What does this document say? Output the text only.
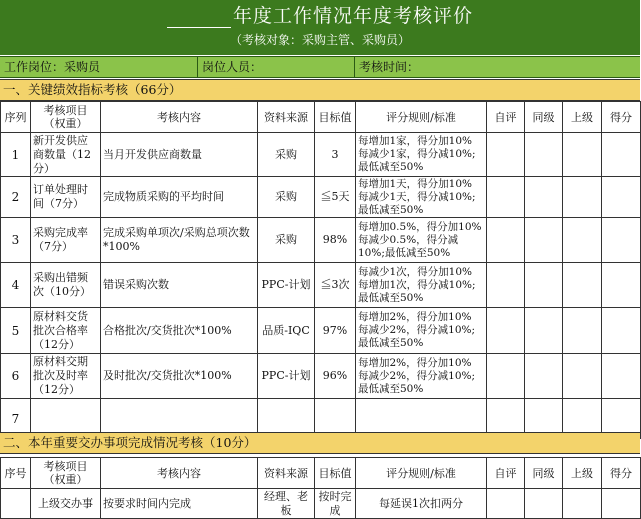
年度工作情况年度考核评价
（考核对象：采购主管、采购员）
工作岗位：采购员	岗位人员：	考核时间：
一、关键绩效指标考核（66分）
序列	考核项目（权重）	考核内容	资料来源	目标值	评分规则/标准	自评	同级	上级	得分
1	新开发供应商数量（12分）	当月开发供应商数量	采购	3	每增加1家，得分加10%
每减少1家，得分减10%;
最低减至50%				

2	订单处理时间（7分）	完成物质采购的平均时间	采购	≦5天	每增加1天，得分加10%
每减少1天，得分减10%;
最低减至50%				

3	采购完成率（7分）	完成采购单项次/采购总项次数*100%	采购	98%	每增加0.5%，得分加10%
每减少0.5%，得分减
10%;最低减至50%				

4	采购出错频次（10分）	错误采购次数	PPC-计划	≦3次	每减少1次，得分加10%
每增加1次，得分减10%;
最低减至50%				

5	原材料交货批次合格率（12分）	合格批次/交货批次*100%	品质-IQC	97%	每增加2%，得分加10%
每减少2%，得分减10%;
最低减至50%				

6	原材料交期批次及时率（12分）	及时批次/交货批次*100%	PPC-计划	96%	每增加2%，得分加10%
每减少2%，得分减10%;
最低减至50%				

7					

二、本年重要交办事项完成情况考核（10分）
序号	考核项目（权重）	考核内容	资料来源	目标值	评分规则/标准	自评	同级	上级	得分
	上级交办事	按要求时间内完成	经理、老板	按时完成	每延误1次扣两分				
